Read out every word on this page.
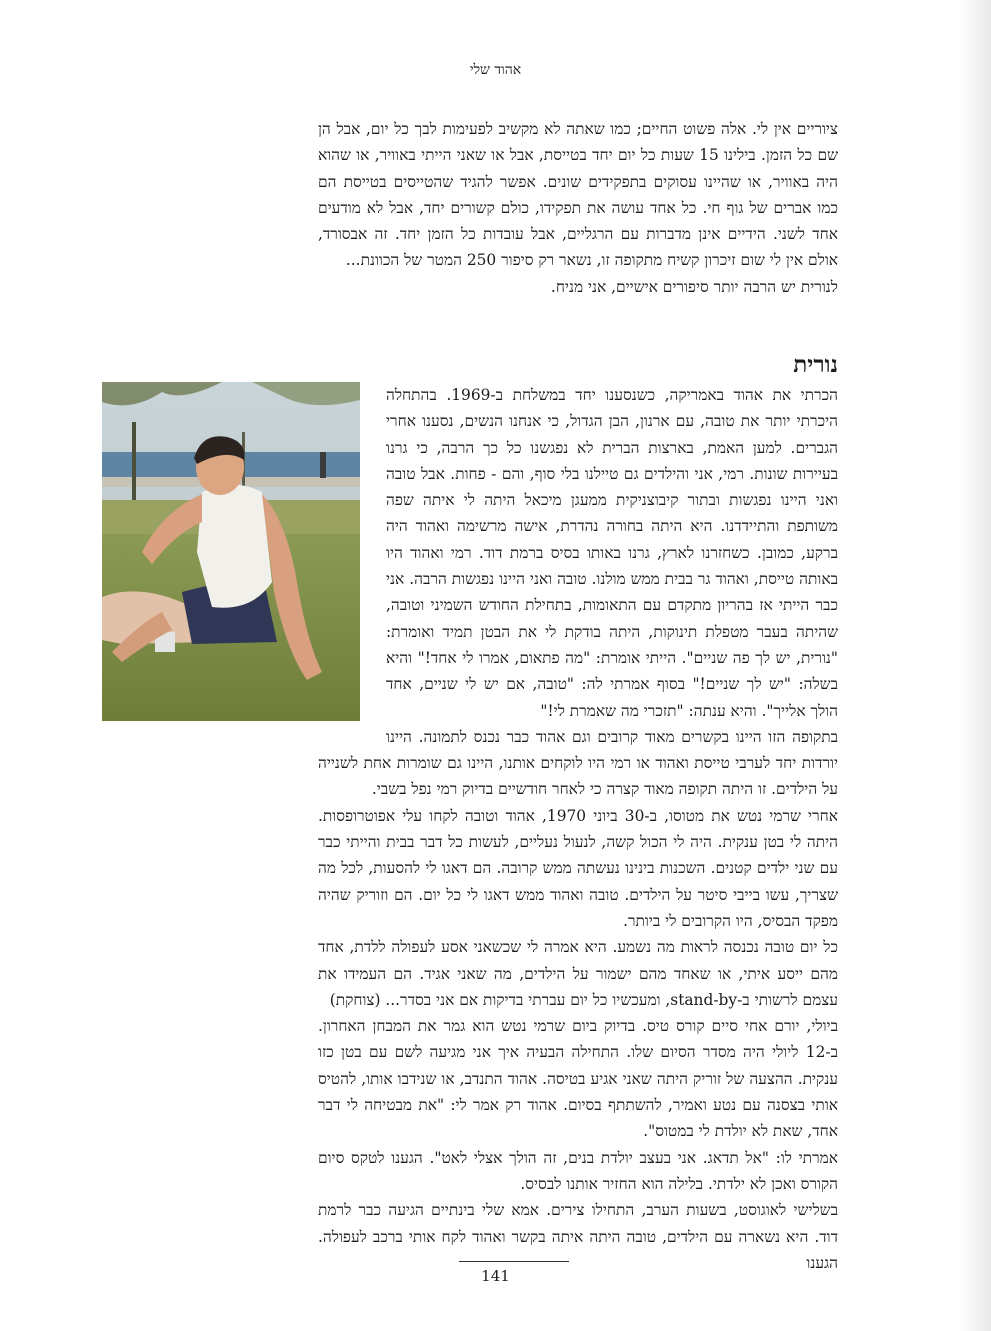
אהוד שלי

ציוריים אין לי. אלה פשוט החיים; כמו שאתה לא מקשיב לפעימות לבך כל יום, אבל הן שם כל הזמן. בילינו 15 שעות כל יום יחד בטייסת, אבל או שאני הייתי באוויר, או שהוא היה באוויר, או שהיינו עסוקים בתפקידים שונים. אפשר להגיד שהטייסים בטייסת הם כמו אברים של גוף חי. כל אחד עושה את תפקידו, כולם קשורים יחד, אבל לא מודעים אחד לשני. הידיים אינן מדברות עם הרגליים, אבל עובדות כל הזמן יחד. זה אבסורד, אולם אין לי שום זיכרון קשיח מתקופה זו, נשאר רק סיפור 250 המטר של הכוונת...

לנורית יש הרבה יותר סיפורים אישיים, אני מניח.

נורית

הכרתי את אהוד באמריקה, כשנסענו יחד במשלחת ב-1969. בהתחלה היכרתי יותר את טובה, עם ארנון, הבן הגדול, כי אנחנו הנשים, נסענו אחרי הגברים. למען האמת, בארצות הברית לא נפגשנו כל כך הרבה, כי גרנו בעיירות שונות. רמי, אני והילדים גם טיילנו בלי סוף, והם - פחות. אבל טובה ואני היינו נפגשות ובתור קיבוצניקית ממעגן מיכאל היתה לי איתה שפה משותפת והתיידדנו. היא היתה בחורה נהדרת, אישה מרשימה ואהוד היה ברקע, כמובן. כשחזרנו לארץ, גרנו באותו בסיס ברמת דוד. רמי ואהוד היו באותה טייסת, ואהוד גר בבית ממש מולנו. טובה ואני היינו נפגשות הרבה. אני כבר הייתי אז בהריון מתקדם עם התאומות, בתחילת החודש השמיני וטובה, שהיתה בעבר מטפלת תינוקות, היתה בודקת לי את הבטן תמיד ואומרת: "נורית, יש לך פה שניים". הייתי אומרת: "מה פתאום, אמרו לי אחד!" והיא בשלה: "יש לך שניים!" בסוף אמרתי לה: "טובה, אם יש לי שניים, אחד הולך אלייך". והיא ענתה: "תזכרי מה שאמרת לי!"

בתקופה הזו היינו בקשרים מאוד קרובים וגם אהוד כבר נכנס לתמונה. היינו יורדות יחד לערבי טייסת ואהוד או רמי היו לוקחים אותנו, היינו גם שומרות אחת לשנייה על הילדים. זו היתה תקופה מאוד קצרה כי לאחר חודשיים בדיוק רמי נפל בשבי.

אחרי שרמי נטש את מטוסו, ב-30 ביוני 1970, אהוד וטובה לקחו עלי אפוטרופסות. היתה לי בטן ענקית. היה לי הכול קשה, לנעול נעליים, לעשות כל דבר בבית והייתי כבר עם שני ילדים קטנים. השכנות בינינו נעשתה ממש קרובה. הם דאגו לי להסעות, לכל מה שצריך, עשו בייבי סיטר על הילדים. טובה ואהוד ממש דאגו לי כל יום. הם וזוריק שהיה מפקד הבסיס, היו הקרובים לי ביותר.

כל יום טובה נכנסה לראות מה נשמע. היא אמרה לי שכשאני אסע לעפולה ללדת, אחד מהם ייסע איתי, או שאחד מהם ישמור על הילדים, מה שאני אגיד. הם העמידו את עצמם לרשותי ב-stand-by, ומעכשיו כל יום עברתי בדיקות אם אני בסדר... (צוחקת)

ביולי, יורם אחי סיים קורס טיס. בדיוק ביום שרמי נטש הוא גמר את המבחן האחרון. ב-12 ליולי היה מסדר הסיום שלו. התחילה הבעיה איך אני מגיעה לשם עם בטן כזו ענקית. ההצעה של זוריק היתה שאני אגיע בטיסה. אהוד התנדב, או שנידבו אותו, להטיס אותי בצסנה עם נטע ואמיר, להשתתף בסיום. אהוד רק אמר לי: "את מבטיחה לי דבר אחד, שאת לא יולדת לי במטוס".

אמרתי לו: "אל תדאג. אני בעצב יולדת בנים, זה הולך אצלי לאט". הגענו לטקס סיום הקורס ואכן לא ילדתי. בלילה הוא החזיר אותנו לבסיס.

בשלישי לאוגוסט, בשעות הערב, התחילו צירים. אמא שלי בינתיים הגיעה כבר לרמת דוד. היא נשארה עם הילדים, טובה היתה איתה בקשר ואהוד לקח אותי ברכב לעפולה. הגענו

141
